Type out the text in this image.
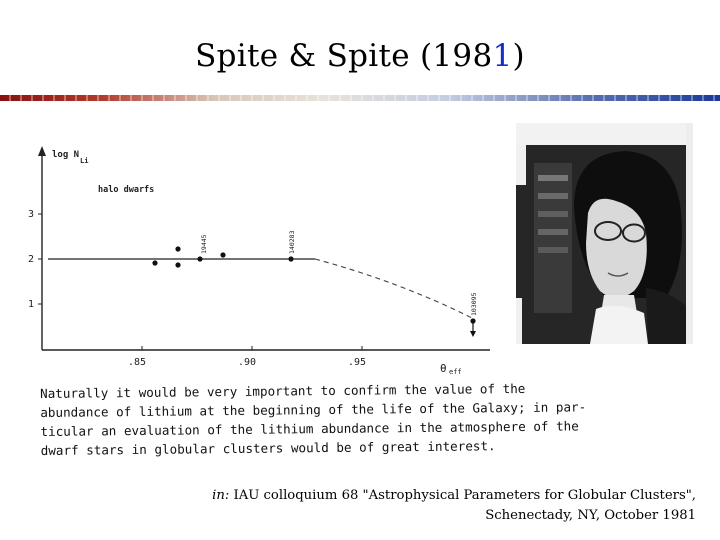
Spite & Spite (1981)
3
2
1
.85	.90	.95
log N
Li
halo dwarfs
θ eff
19445	140283
103095
Naturally it would be very important to confirm the value of the
abundance of lithium at the beginning of the life of the Galaxy; in par-
ticular an evaluation of the lithium abundance in the atmosphere of the
dwarf stars in globular clusters would be of great interest.
in: IAU colloquium 68 "Astrophysical Parameters for Globular Clusters",
Schenectady, NY, October 1981
